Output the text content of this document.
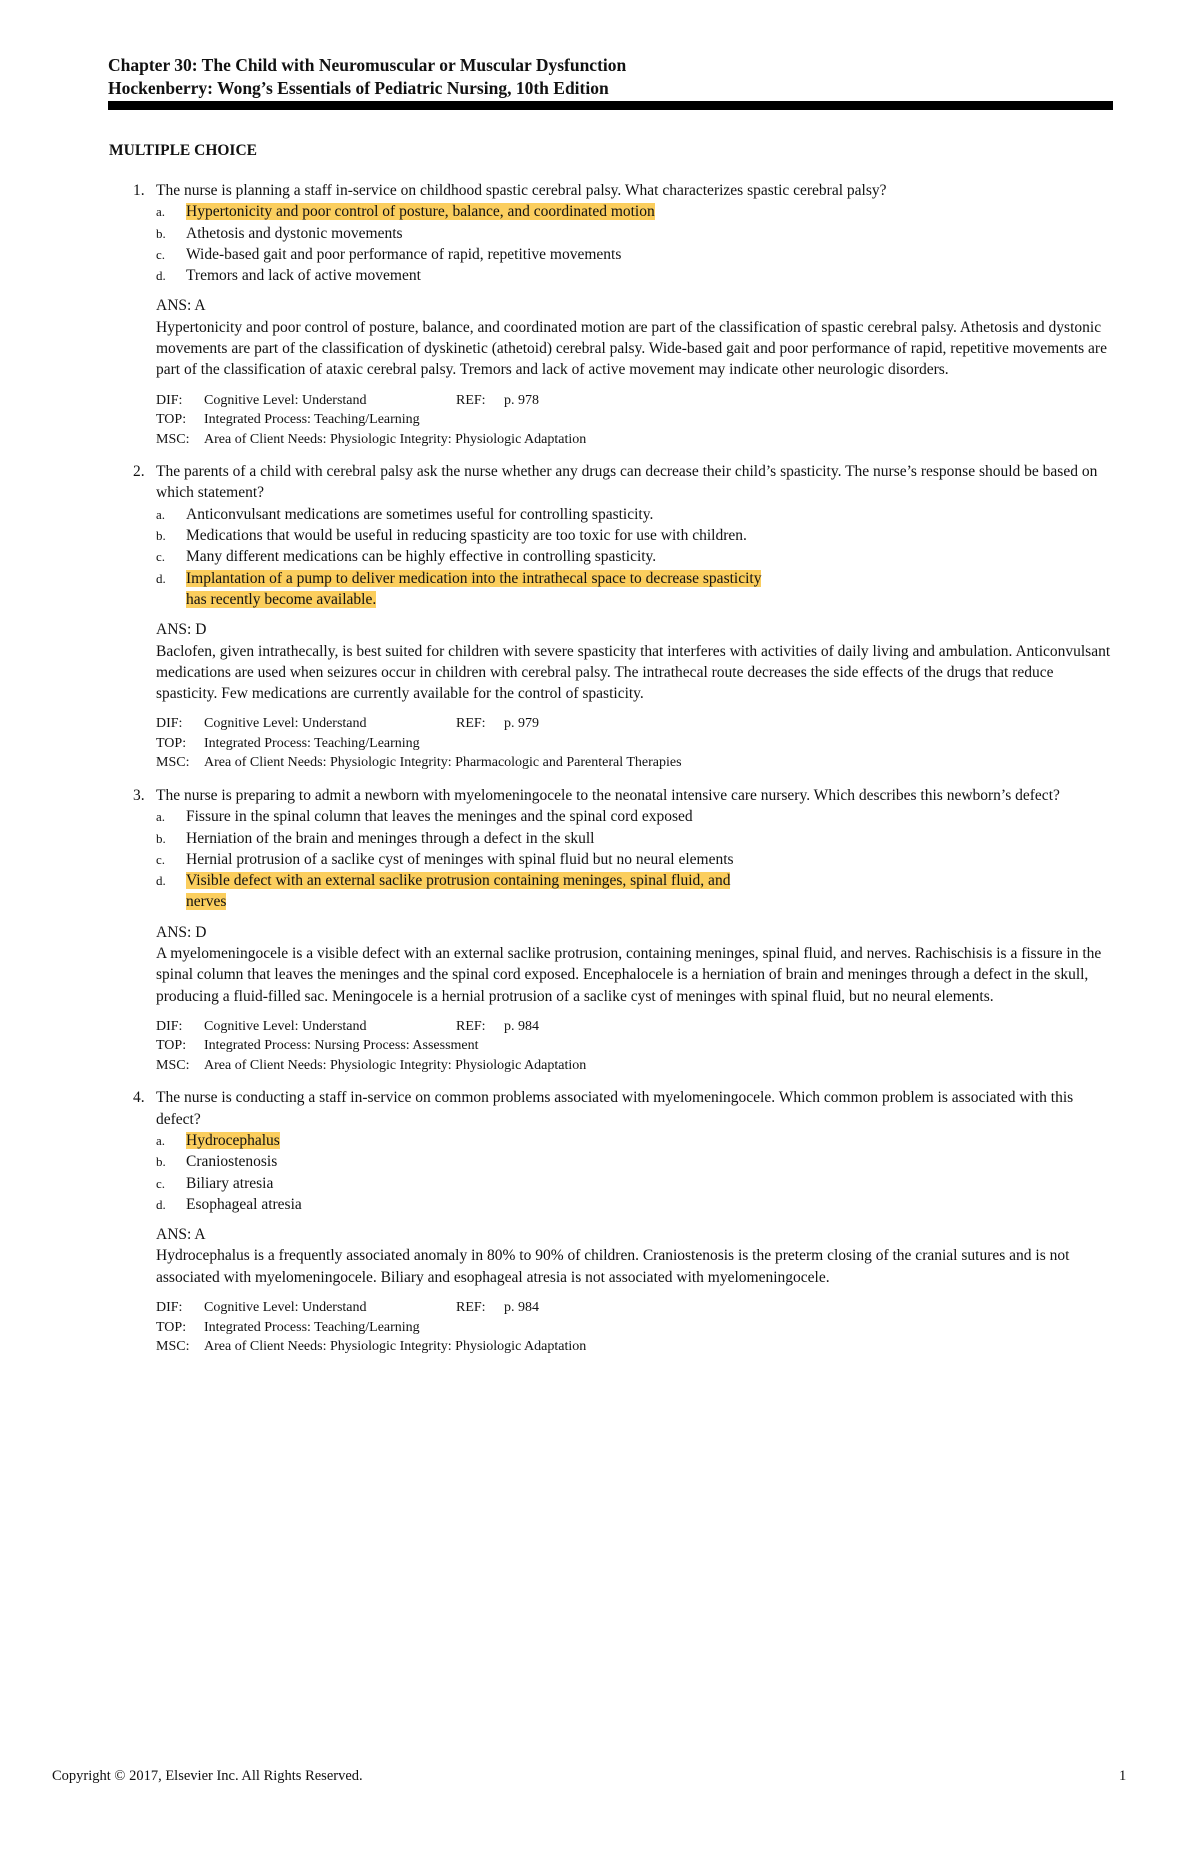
Chapter 30: The Child with Neuromuscular or Muscular Dysfunction
Hockenberry: Wong’s Essentials of Pediatric Nursing, 10th Edition
MULTIPLE CHOICE
1. The nurse is planning a staff in-service on childhood spastic cerebral palsy. What characterizes spastic cerebral palsy?
a. Hypertonicity and poor control of posture, balance, and coordinated motion
b. Athetosis and dystonic movements
c. Wide-based gait and poor performance of rapid, repetitive movements
d. Tremors and lack of active movement
ANS: A
Hypertonicity and poor control of posture, balance, and coordinated motion are part of the classification of spastic cerebral palsy. Athetosis and dystonic movements are part of the classification of dyskinetic (athetoid) cerebral palsy. Wide-based gait and poor performance of rapid, repetitive movements are part of the classification of ataxic cerebral palsy. Tremors and lack of active movement may indicate other neurologic disorders.
DIF: Cognitive Level: Understand	REF: p. 978
TOP: Integrated Process: Teaching/Learning
MSC: Area of Client Needs: Physiologic Integrity: Physiologic Adaptation
2. The parents of a child with cerebral palsy ask the nurse whether any drugs can decrease their child’s spasticity. The nurse’s response should be based on which statement?
a. Anticonvulsant medications are sometimes useful for controlling spasticity.
b. Medications that would be useful in reducing spasticity are too toxic for use with children.
c. Many different medications can be highly effective in controlling spasticity.
d. Implantation of a pump to deliver medication into the intrathecal space to decrease spasticity has recently become available.
ANS: D
Baclofen, given intrathecally, is best suited for children with severe spasticity that interferes with activities of daily living and ambulation. Anticonvulsant medications are used when seizures occur in children with cerebral palsy. The intrathecal route decreases the side effects of the drugs that reduce spasticity. Few medications are currently available for the control of spasticity.
DIF: Cognitive Level: Understand	REF: p. 979
TOP: Integrated Process: Teaching/Learning
MSC: Area of Client Needs: Physiologic Integrity: Pharmacologic and Parenteral Therapies
3. The nurse is preparing to admit a newborn with myelomeningocele to the neonatal intensive care nursery. Which describes this newborn’s defect?
a. Fissure in the spinal column that leaves the meninges and the spinal cord exposed
b. Herniation of the brain and meninges through a defect in the skull
c. Hernial protrusion of a saclike cyst of meninges with spinal fluid but no neural elements
d. Visible defect with an external saclike protrusion containing meninges, spinal fluid, and nerves
ANS: D
A myelomeningocele is a visible defect with an external saclike protrusion, containing meninges, spinal fluid, and nerves. Rachischisis is a fissure in the spinal column that leaves the meninges and the spinal cord exposed. Encephalocele is a herniation of brain and meninges through a defect in the skull, producing a fluid-filled sac. Meningocele is a hernial protrusion of a saclike cyst of meninges with spinal fluid, but no neural elements.
DIF: Cognitive Level: Understand	REF: p. 984
TOP: Integrated Process: Nursing Process: Assessment
MSC: Area of Client Needs: Physiologic Integrity: Physiologic Adaptation
4. The nurse is conducting a staff in-service on common problems associated with myelomeningocele. Which common problem is associated with this defect?
a. Hydrocephalus
b. Craniostenosis
c. Biliary atresia
d. Esophageal atresia
ANS: A
Hydrocephalus is a frequently associated anomaly in 80% to 90% of children. Craniostenosis is the preterm closing of the cranial sutures and is not associated with myelomeningocele. Biliary and esophageal atresia is not associated with myelomeningocele.
DIF: Cognitive Level: Understand	REF: p. 984
TOP: Integrated Process: Teaching/Learning
MSC: Area of Client Needs: Physiologic Integrity: Physiologic Adaptation
Copyright © 2017, Elsevier Inc. All Rights Reserved.	1
